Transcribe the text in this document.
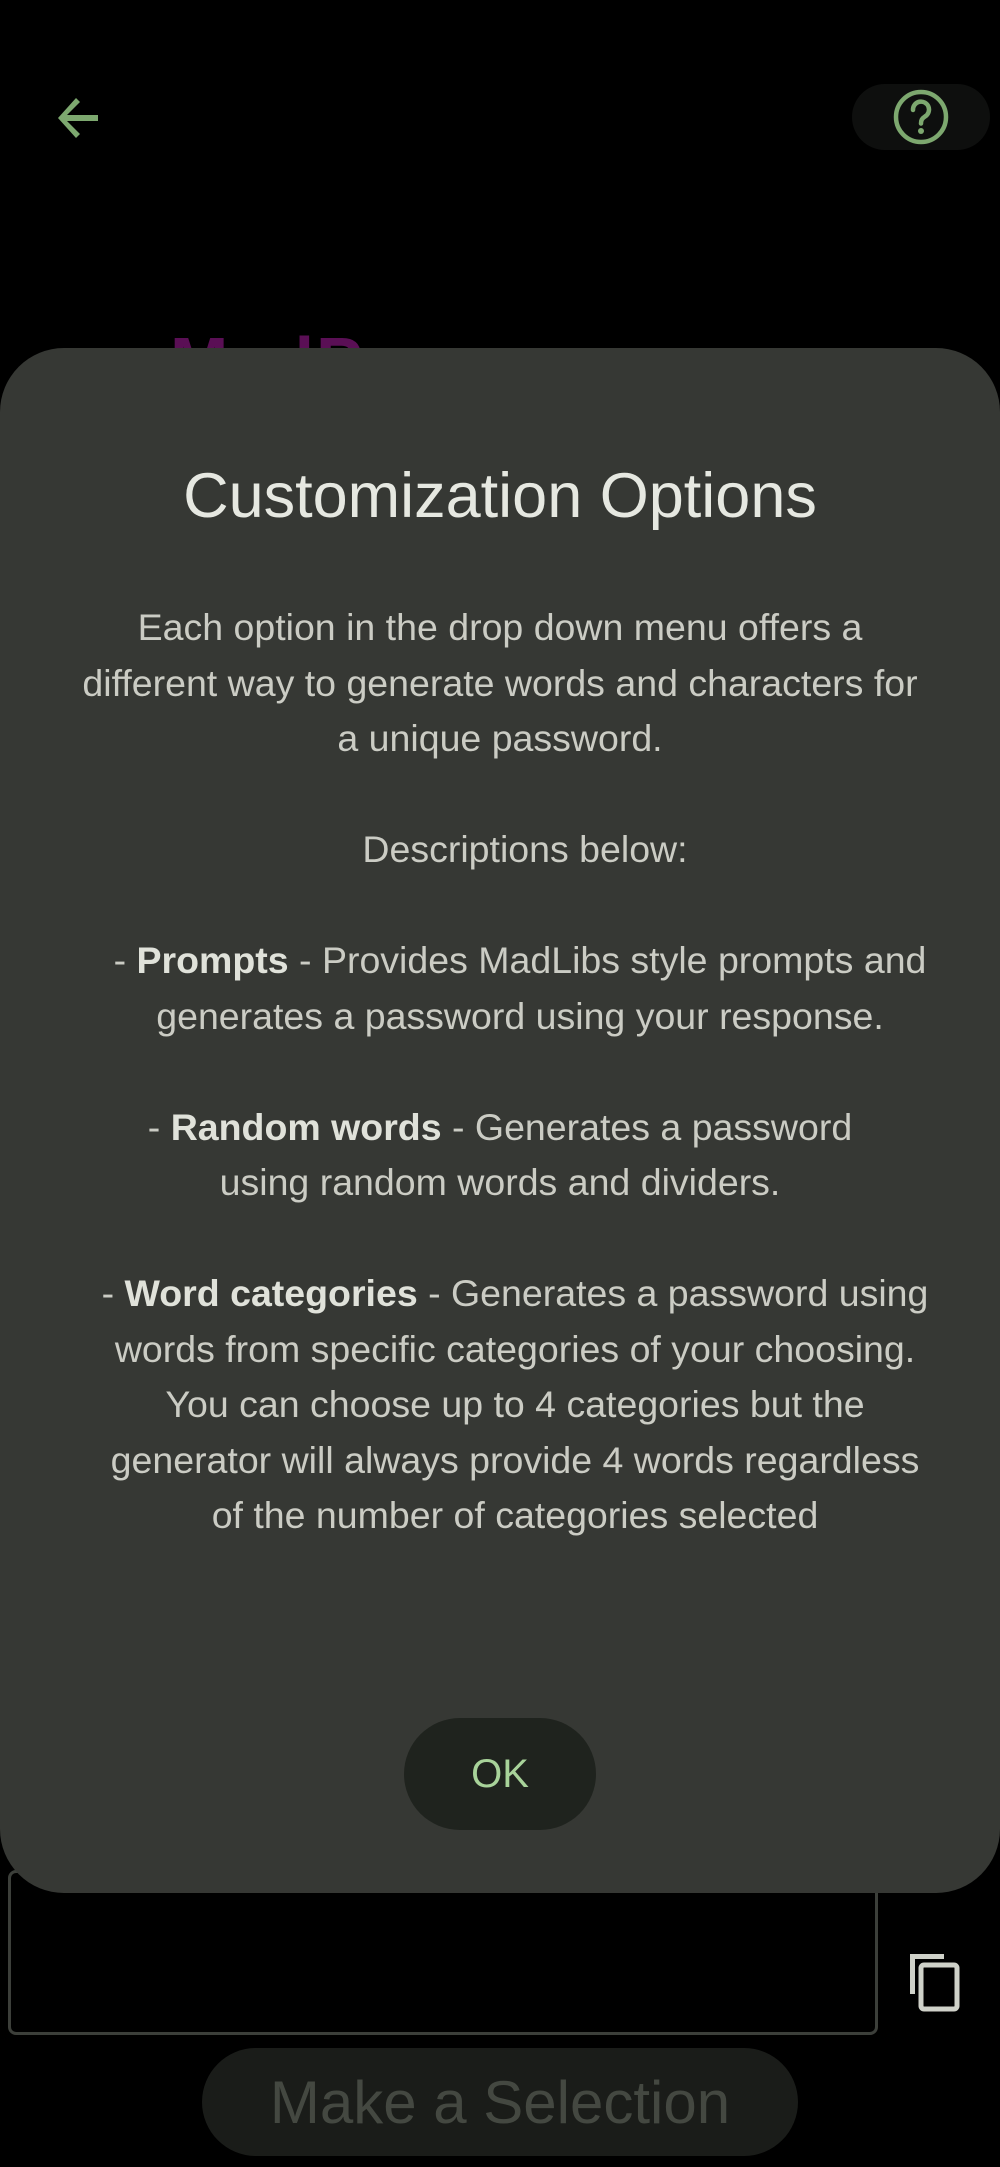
Make a Selection
Customization Options

Each option in the drop down menu offers a different way to generate words and characters for a unique password.

Descriptions below:

- Prompts - Provides MadLibs style prompts and generates a password using your response.

- Random words - Generates a password using random words and dividers.

- Word categories - Generates a password using words from specific categories of your choosing. You can choose up to 4 categories but the generator will always provide 4 words regardless of the number of categories selected

OK
